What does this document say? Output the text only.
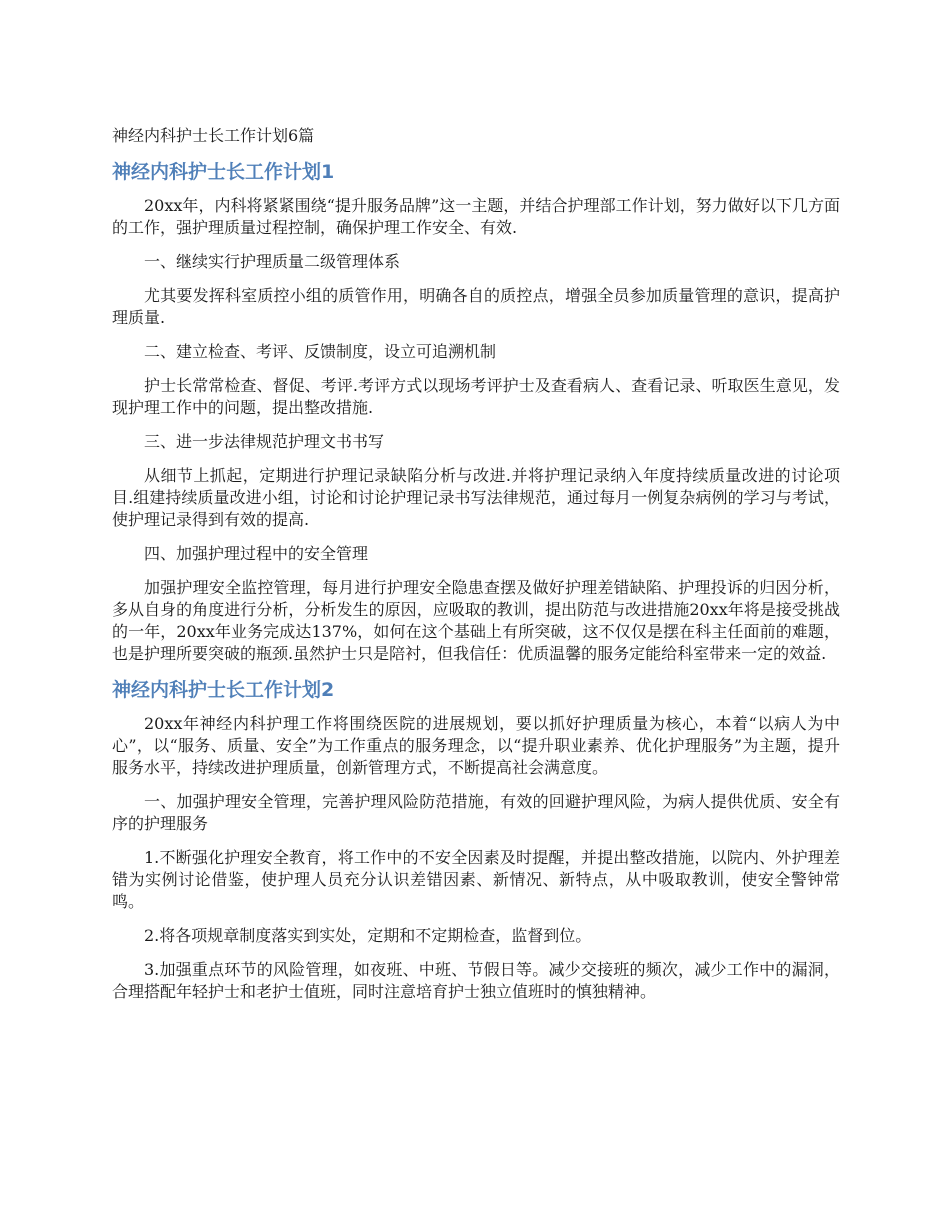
神经内科护士长工作计划6篇
神经内科护士长工作计划1

20xx年，内科将紧紧围绕“提升服务品牌”这一主题，并结合护理部工作计划，努力做好以下几方面的工作，强护理质量过程控制，确保护理工作安全、有效.

一、继续实行护理质量二级管理体系

尤其要发挥科室质控小组的质管作用，明确各自的质控点，增强全员参加质量管理的意识，提高护理质量.

二、建立检查、考评、反馈制度，设立可追溯机制

护士长常常检查、督促、考评.考评方式以现场考评护士及查看病人、查看记录、听取医生意见，发现护理工作中的问题，提出整改措施.

三、进一步法律规范护理文书书写

从细节上抓起，定期进行护理记录缺陷分析与改进.并将护理记录纳入年度持续质量改进的讨论项目.组建持续质量改进小组，讨论和讨论护理记录书写法律规范，通过每月一例复杂病例的学习与考试，使护理记录得到有效的提高.

四、加强护理过程中的安全管理

加强护理安全监控管理，每月进行护理安全隐患查摆及做好护理差错缺陷、护理投诉的归因分析，多从自身的角度进行分析，分析发生的原因，应吸取的教训，提出防范与改进措施20xx年将是接受挑战的一年，20xx年业务完成达137%，如何在这个基础上有所突破，这不仅仅是摆在科主任面前的难题，也是护理所要突破的瓶颈.虽然护士只是陪衬，但我信任：优质温馨的服务定能给科室带来一定的效益.

神经内科护士长工作计划2

20xx年神经内科护理工作将围绕医院的进展规划，要以抓好护理质量为核心，本着“以病人为中心”，以“服务、质量、安全”为工作重点的服务理念，以“提升职业素养、优化护理服务”为主题，提升服务水平，持续改进护理质量，创新管理方式，不断提高社会满意度。

一、加强护理安全管理，完善护理风险防范措施，有效的回避护理风险，为病人提供优质、安全有序的护理服务

1.不断强化护理安全教育，将工作中的不安全因素及时提醒，并提出整改措施，以院内、外护理差错为实例讨论借鉴，使护理人员充分认识差错因素、新情况、新特点，从中吸取教训，使安全警钟常鸣。

2.将各项规章制度落实到实处，定期和不定期检查，监督到位。

3.加强重点环节的风险管理，如夜班、中班、节假日等。减少交接班的频次，减少工作中的漏洞，合理搭配年轻护士和老护士值班，同时注意培育护士独立值班时的慎独精神。
